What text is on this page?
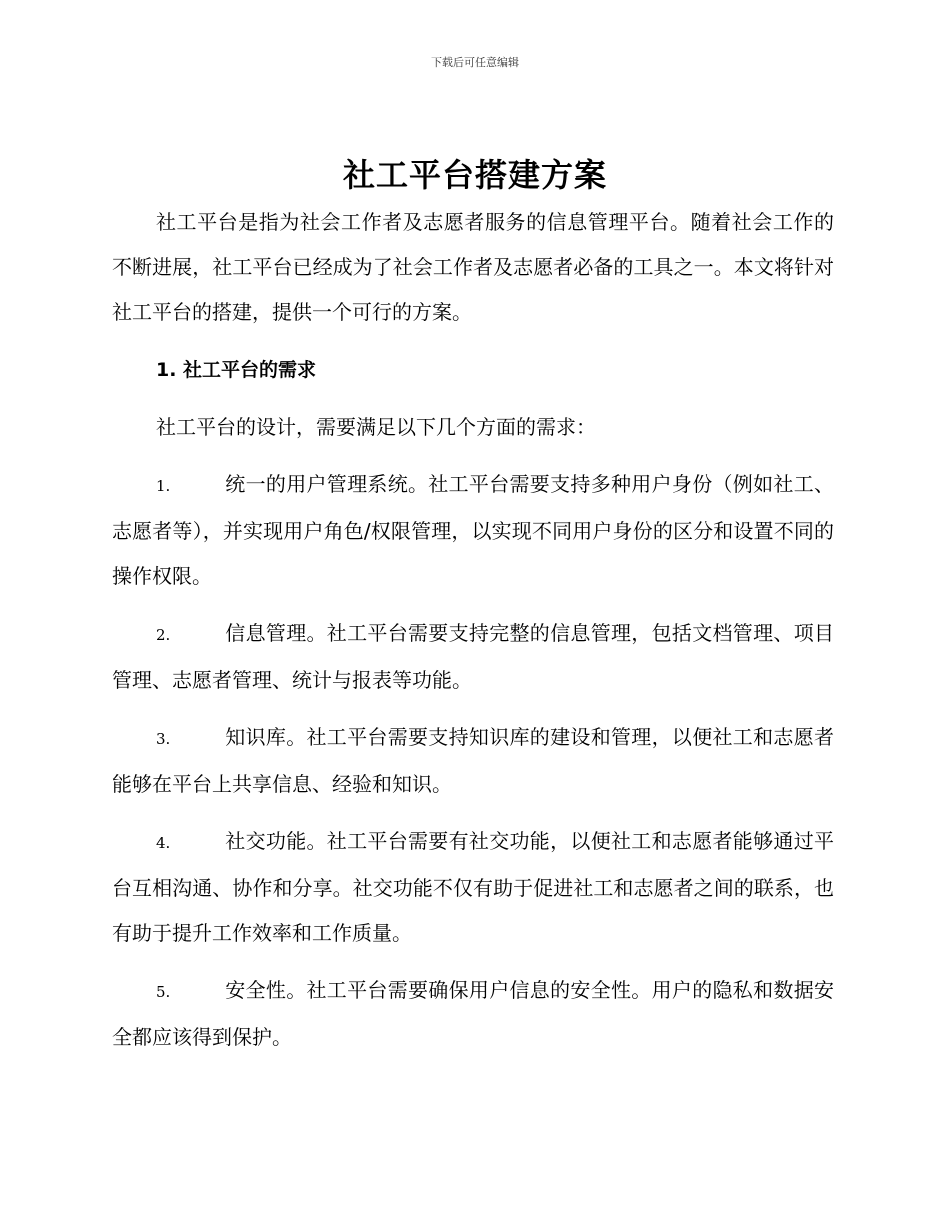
下载后可任意编辑
社工平台搭建方案

社工平台是指为社会工作者及志愿者服务的信息管理平台。随着社会工作的不断进展，社工平台已经成为了社会工作者及志愿者必备的工具之一。本文将针对社工平台的搭建，提供一个可行的方案。

1. 社工平台的需求

社工平台的设计，需要满足以下几个方面的需求：

1.	统一的用户管理系统。社工平台需要支持多种用户身份（例如社工、志愿者等），并实现用户角色/权限管理，以实现不同用户身份的区分和设置不同的操作权限。

2.	信息管理。社工平台需要支持完整的信息管理，包括文档管理、项目管理、志愿者管理、统计与报表等功能。

3.	知识库。社工平台需要支持知识库的建设和管理，以便社工和志愿者能够在平台上共享信息、经验和知识。

4.	社交功能。社工平台需要有社交功能，以便社工和志愿者能够通过平台互相沟通、协作和分享。社交功能不仅有助于促进社工和志愿者之间的联系，也有助于提升工作效率和工作质量。

5.	安全性。社工平台需要确保用户信息的安全性。用户的隐私和数据安全都应该得到保护。
